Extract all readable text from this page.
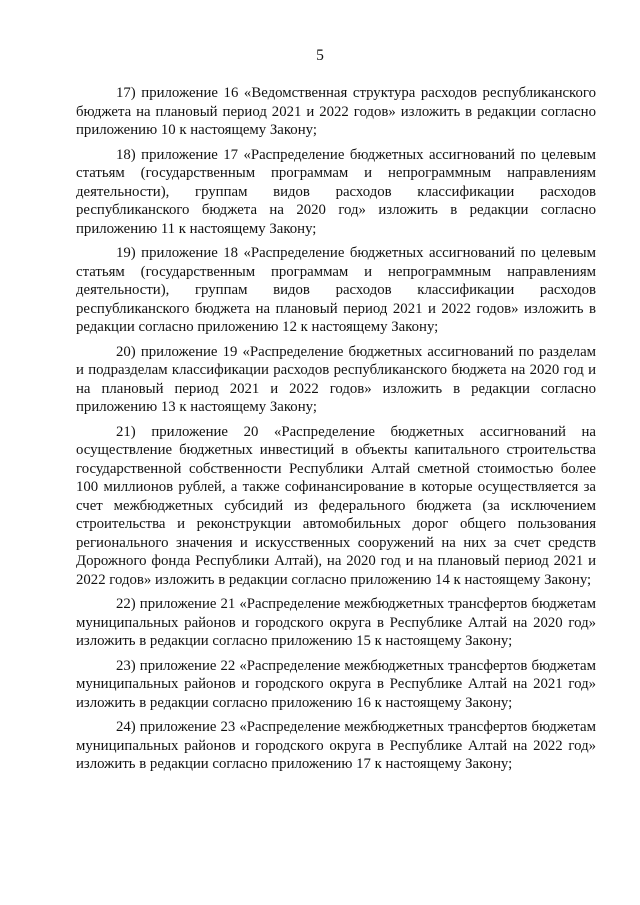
5

17) приложение 16 «Ведомственная структура расходов республиканского бюджета на плановый период 2021 и 2022 годов» изложить в редакции согласно приложению 10 к настоящему Закону;

18) приложение 17 «Распределение бюджетных ассигнований по целевым статьям (государственным программам и непрограммным направлениям деятельности), группам видов расходов классификации расходов республиканского бюджета на 2020 год» изложить в редакции согласно приложению 11 к настоящему Закону;

19) приложение 18 «Распределение бюджетных ассигнований по целевым статьям (государственным программам и непрограммным направлениям деятельности), группам видов расходов классификации расходов республиканского бюджета на плановый период 2021 и 2022 годов» изложить в редакции согласно приложению 12 к настоящему Закону;

20) приложение 19 «Распределение бюджетных ассигнований по разделам и подразделам классификации расходов республиканского бюджета на 2020 год и на плановый период 2021 и 2022 годов» изложить в редакции согласно приложению 13 к настоящему Закону;

21) приложение 20 «Распределение бюджетных ассигнований на осуществление бюджетных инвестиций в объекты капитального строительства государственной собственности Республики Алтай сметной стоимостью более 100 миллионов рублей, а также софинансирование в которые осуществляется за счет межбюджетных субсидий из федерального бюджета (за исключением строительства и реконструкции автомобильных дорог общего пользования регионального значения и искусственных сооружений на них за счет средств Дорожного фонда Республики Алтай), на 2020 год и на плановый период 2021 и 2022 годов» изложить в редакции согласно приложению 14 к настоящему Закону;

22) приложение 21 «Распределение межбюджетных трансфертов бюджетам муниципальных районов и городского округа в Республике Алтай на 2020 год» изложить в редакции согласно приложению 15 к настоящему Закону;

23) приложение 22 «Распределение межбюджетных трансфертов бюджетам муниципальных районов и городского округа в Республике Алтай на 2021 год» изложить в редакции согласно приложению 16 к настоящему Закону;

24) приложение 23 «Распределение межбюджетных трансфертов бюджетам муниципальных районов и городского округа в Республике Алтай на 2022 год» изложить в редакции согласно приложению 17 к настоящему Закону;
